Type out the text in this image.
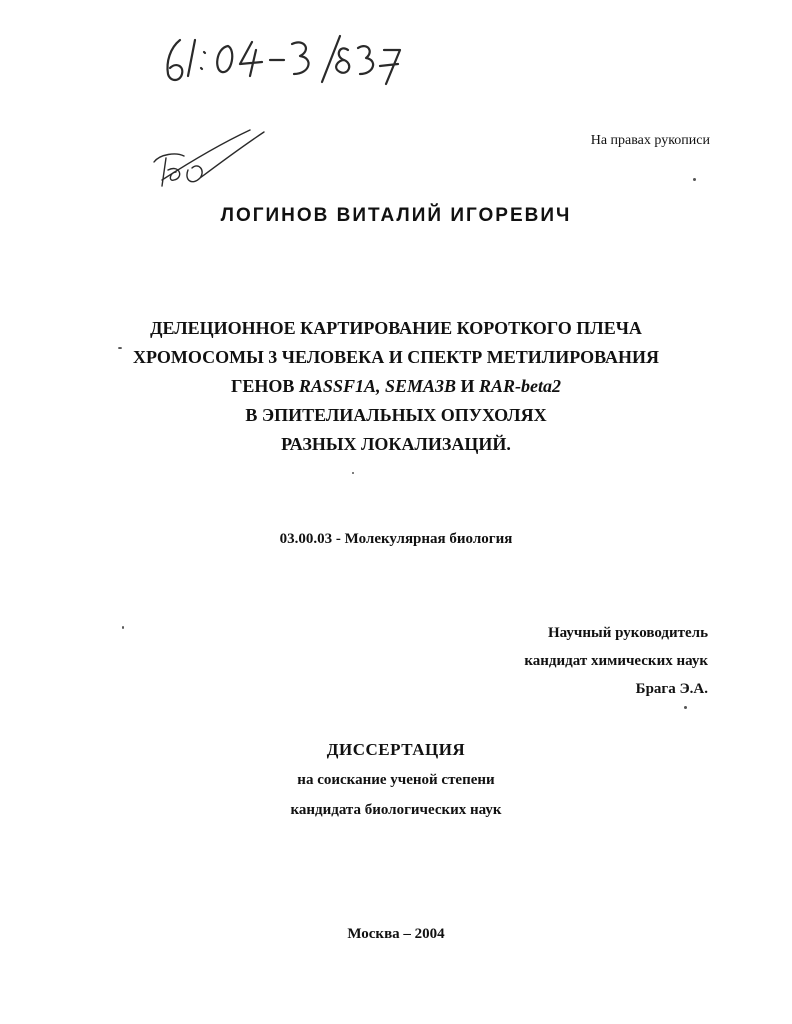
На правах рукописи
ЛОГИНОВ ВИТАЛИЙ ИГОРЕВИЧ
ДЕЛЕЦИОННОЕ КАРТИРОВАНИЕ КОРОТКОГО ПЛЕЧА
ХРОМОСОМЫ 3 ЧЕЛОВЕКА И СПЕКТР МЕТИЛИРОВАНИЯ
ГЕНОВ RASSF1A, SEMA3B И RAR-beta2
В ЭПИТЕЛИАЛЬНЫХ ОПУХОЛЯХ
РАЗНЫХ ЛОКАЛИЗАЦИЙ.
03.00.03 - Молекулярная биология
Научный руководитель
кандидат химических наук
Брага Э.А.
ДИССЕРТАЦИЯ
на соискание ученой степени
кандидата биологических наук
Москва – 2004
